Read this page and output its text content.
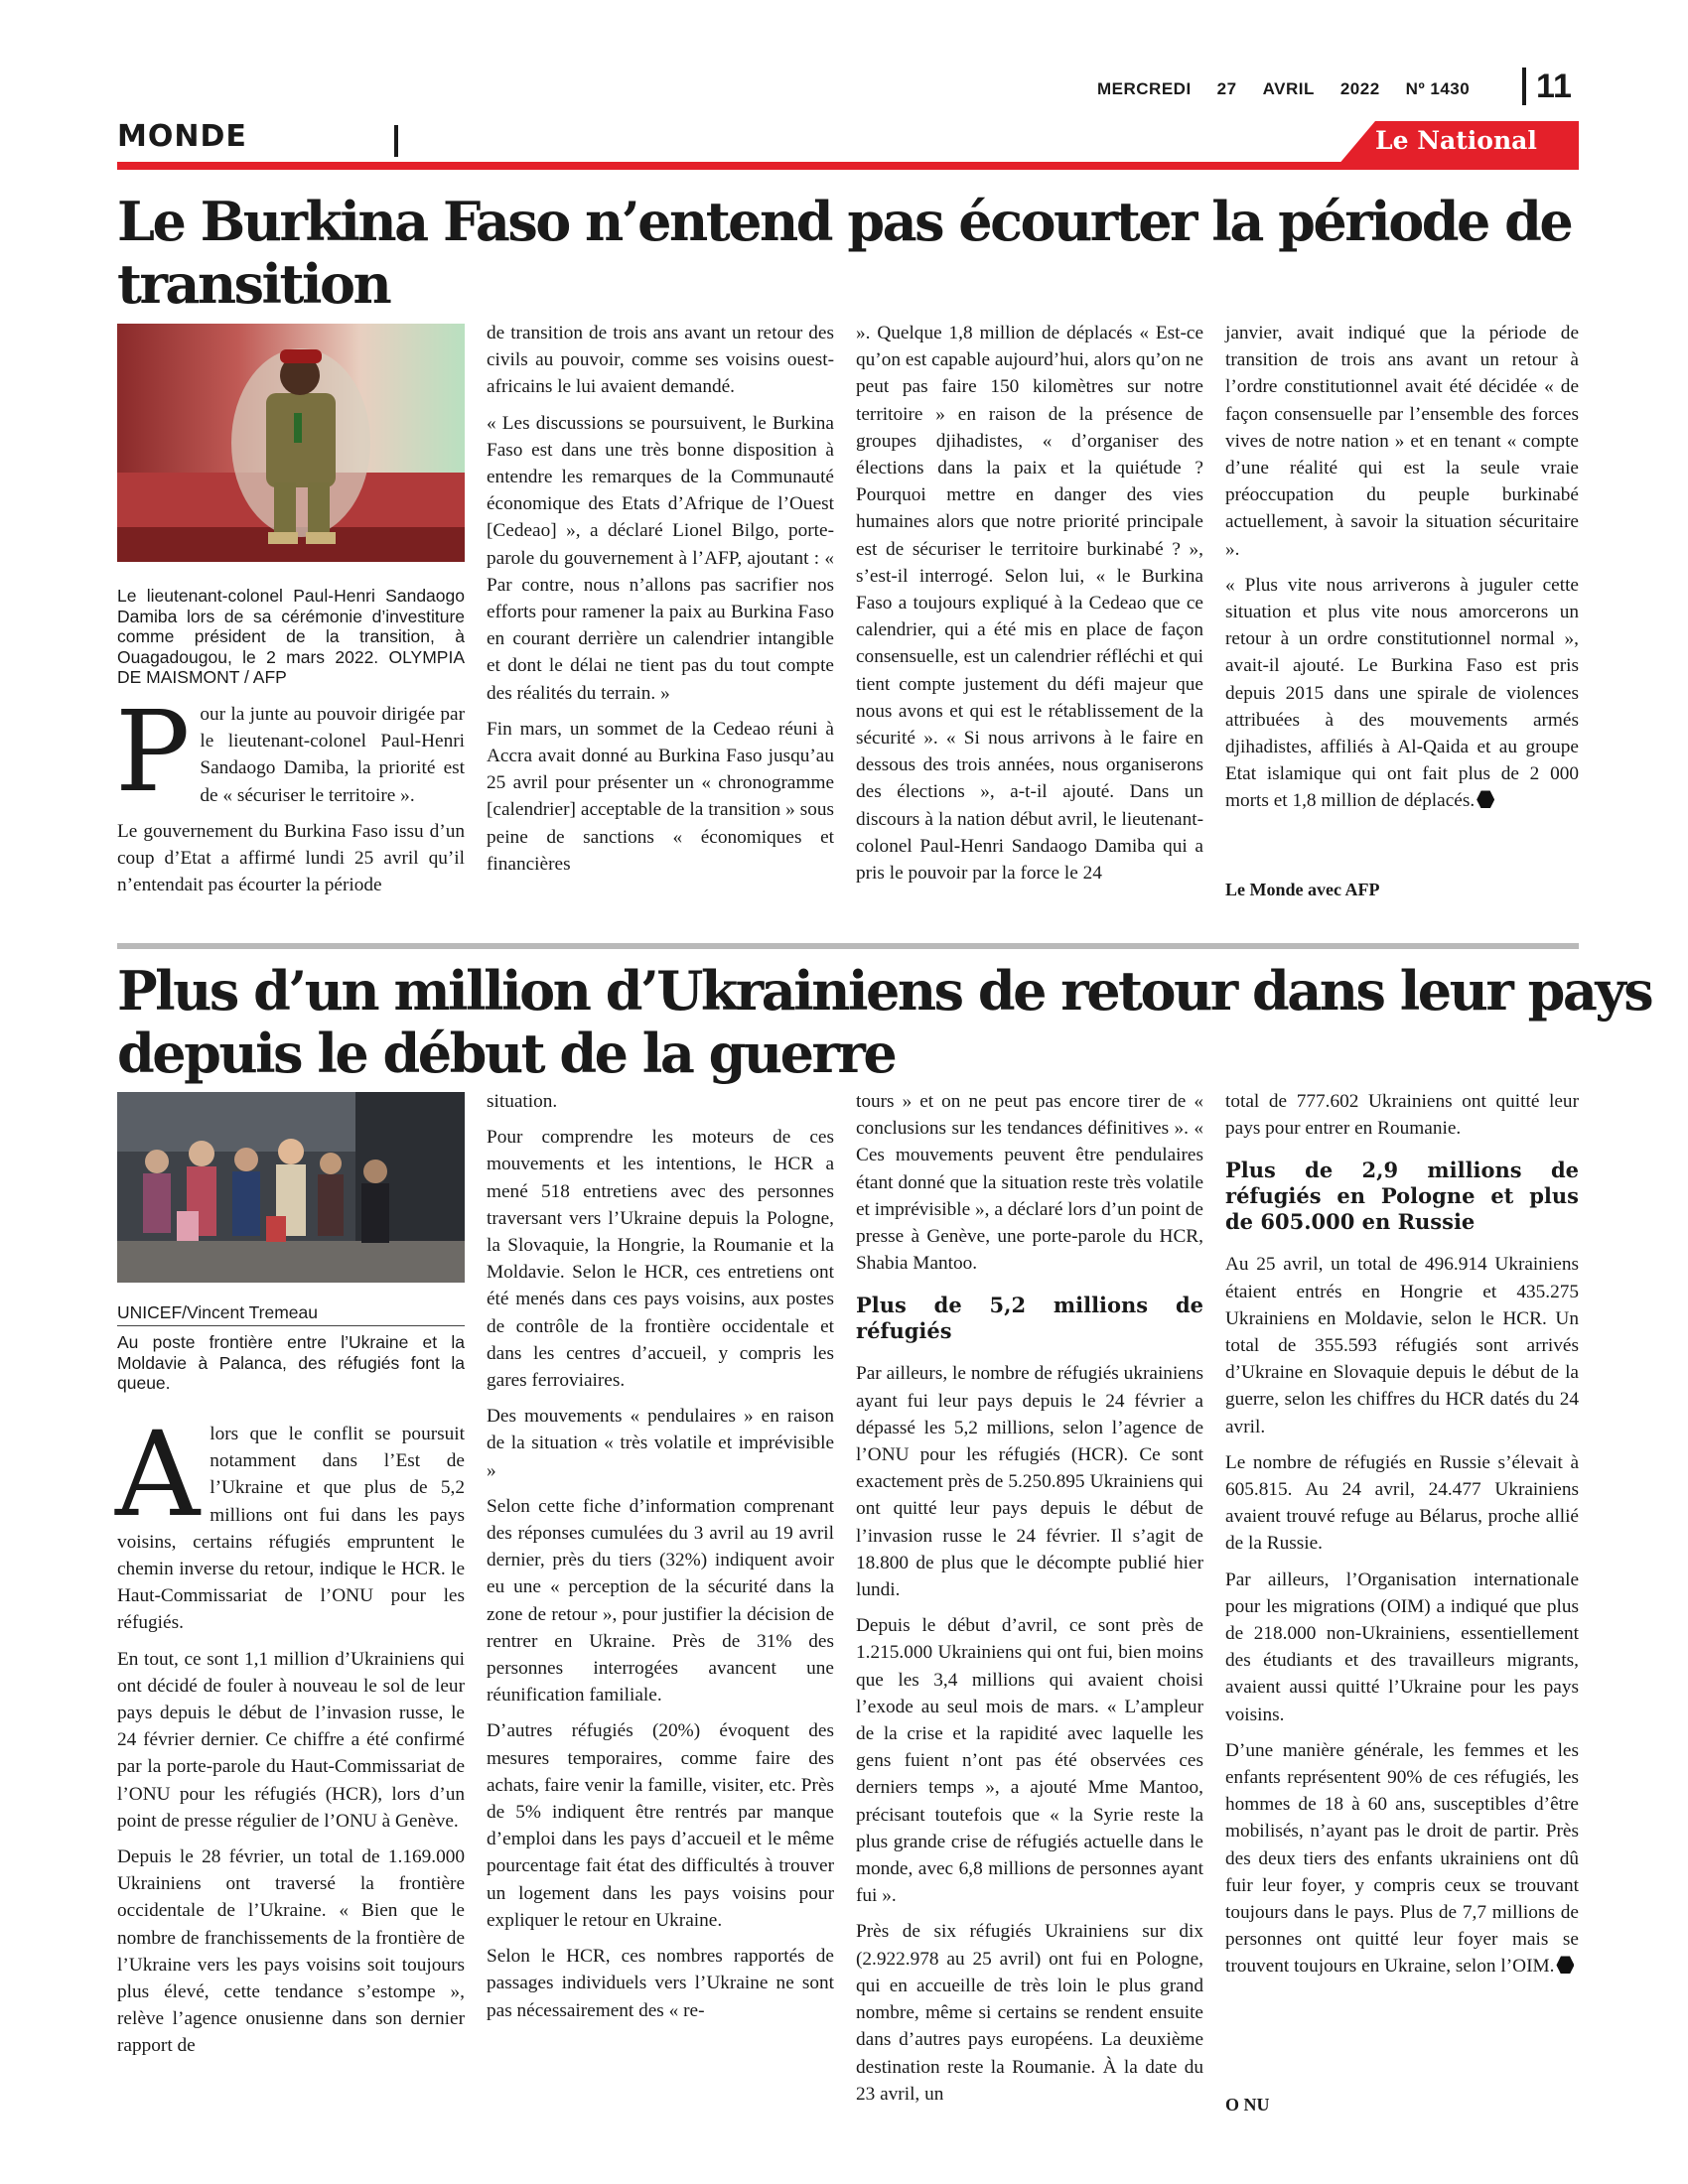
MERCREDI 27 AVRIL 2022 Nº 1430	11
MONDE	Le National
Le Burkina Faso n’entend pas écourter la période de
transition
Le lieutenant-colonel Paul-Henri Sandaogo Damiba lors de sa cérémonie d’investiture comme président de la transition, à Ouagadougou, le 2 mars 2022. OLYMPIA DE MAISMONT / AFP

Pour la junte au pouvoir dirigée par le lieutenant-colonel Paul-Henri Sandaogo Damiba, la priorité est de « sécuriser le territoire ».

Le gouvernement du Burkina Faso issu d’un coup d’Etat a affirmé lundi 25 avril qu’il n’entendait pas écourter la période

de transition de trois ans avant un retour des civils au pouvoir, comme ses voisins ouest-africains le lui avaient demandé.

« Les discussions se poursuivent, le Burkina Faso est dans une très bonne disposition à entendre les remarques de la Communauté économique des Etats d’Afrique de l’Ouest [Cedeao] », a déclaré Lionel Bilgo, porte-parole du gouvernement à l’AFP, ajoutant : « Par contre, nous n’allons pas sacrifier nos efforts pour ramener la paix au Burkina Faso en courant derrière un calendrier intangible et dont le délai ne tient pas du tout compte des réalités du terrain. »

Fin mars, un sommet de la Cedeao réuni à Accra avait donné au Burkina Faso jusqu’au 25 avril pour présenter un « chronogramme [calendrier] acceptable de la transition » sous peine de sanctions « économiques et financières

». Quelque 1,8 million de déplacés « Est-ce qu’on est capable aujourd’hui, alors qu’on ne peut pas faire 150 kilomètres sur notre territoire » en raison de la présence de groupes djihadistes, « d’organiser des élections dans la paix et la quiétude ? Pourquoi mettre en danger des vies humaines alors que notre priorité principale est de sécuriser le territoire burkinabé ? », s’est-il interrogé. Selon lui, « le Burkina Faso a toujours expliqué à la Cedeao que ce calendrier, qui a été mis en place de façon consensuelle, est un calendrier réfléchi et qui tient compte justement du défi majeur que nous avons et qui est le rétablissement de la sécurité ». « Si nous arrivons à le faire en dessous des trois années, nous organiserons des élections », a-t-il ajouté. Dans un discours à la nation début avril, le lieutenant-colonel Paul-Henri Sandaogo Damiba qui a pris le pouvoir par la force le 24

janvier, avait indiqué que la période de transition de trois ans avant un retour à l’ordre constitutionnel avait été décidée « de façon consensuelle par l’ensemble des forces vives de notre nation » et en tenant « compte d’une réalité qui est la seule vraie préoccupation du peuple burkinabé actuellement, à savoir la situation sécuritaire ».

« Plus vite nous arriverons à juguler cette situation et plus vite nous amorcerons un retour à un ordre constitutionnel normal », avait-il ajouté. Le Burkina Faso est pris depuis 2015 dans une spirale de violences attribuées à des mouvements armés djihadistes, affiliés à Al-Qaida et au groupe Etat islamique qui ont fait plus de 2 000 morts et 1,8 million de déplacés.

Le Monde avec AFP
Plus d’un million d’Ukrainiens de retour dans leur pays
depuis le début de la guerre
UNICEF/Vincent Tremeau
Au poste frontière entre l’Ukraine et la Moldavie à Palanca, des réfugiés font la queue.

Alors que le conflit se poursuit notamment dans l’Est de l’Ukraine et que plus de 5,2 millions ont fui dans les pays voisins, certains réfugiés empruntent le chemin inverse du retour, indique le HCR. le Haut-Commissariat de l’ONU pour les réfugiés.

En tout, ce sont 1,1 million d’Ukrainiens qui ont décidé de fouler à nouveau le sol de leur pays depuis le début de l’invasion russe, le 24 février dernier. Ce chiffre a été confirmé par la porte-parole du Haut-Commissariat de l’ONU pour les réfugiés (HCR), lors d’un point de presse régulier de l’ONU à Genève.

Depuis le 28 février, un total de 1.169.000 Ukrainiens ont traversé la frontière occidentale de l’Ukraine. « Bien que le nombre de franchissements de la frontière de l’Ukraine vers les pays voisins soit toujours plus élevé, cette tendance s’estompe », relève l’agence onusienne dans son dernier rapport de

situation.

Pour comprendre les moteurs de ces mouvements et les intentions, le HCR a mené 518 entretiens avec des personnes traversant vers l’Ukraine depuis la Pologne, la Slovaquie, la Hongrie, la Roumanie et la Moldavie. Selon le HCR, ces entretiens ont été menés dans ces pays voisins, aux postes de contrôle de la frontière occidentale et dans les centres d’accueil, y compris les gares ferroviaires.

Des mouvements « pendulaires » en raison de la situation « très volatile et imprévisible »

Selon cette fiche d’information comprenant des réponses cumulées du 3 avril au 19 avril dernier, près du tiers (32%) indiquent avoir eu une « perception de la sécurité dans la zone de retour », pour justifier la décision de rentrer en Ukraine. Près de 31% des personnes interrogées avancent une réunification familiale.

D’autres réfugiés (20%) évoquent des mesures temporaires, comme faire des achats, faire venir la famille, visiter, etc. Près de 5% indiquent être rentrés par manque d’emploi dans les pays d’accueil et le même pourcentage fait état des difficultés à trouver un logement dans les pays voisins pour expliquer le retour en Ukraine.

Selon le HCR, ces nombres rapportés de passages individuels vers l’Ukraine ne sont pas nécessairement des « re-

tours » et on ne peut pas encore tirer de « conclusions sur les tendances définitives ». « Ces mouvements peuvent être pendulaires étant donné que la situation reste très volatile et imprévisible », a déclaré lors d’un point de presse à Genève, une porte-parole du HCR, Shabia Mantoo.

Plus de 5,2 millions de réfugiés

Par ailleurs, le nombre de réfugiés ukrainiens ayant fui leur pays depuis le 24 février a dépassé les 5,2 millions, selon l’agence de l’ONU pour les réfugiés (HCR). Ce sont exactement près de 5.250.895 Ukrainiens qui ont quitté leur pays depuis le début de l’invasion russe le 24 février. Il s’agit de 18.800 de plus que le décompte publié hier lundi.

Depuis le début d’avril, ce sont près de 1.215.000 Ukrainiens qui ont fui, bien moins que les 3,4 millions qui avaient choisi l’exode au seul mois de mars. « L’ampleur de la crise et la rapidité avec laquelle les gens fuient n’ont pas été observées ces derniers temps », a ajouté Mme Mantoo, précisant toutefois que « la Syrie reste la plus grande crise de réfugiés actuelle dans le monde, avec 6,8 millions de personnes ayant fui ».

Près de six réfugiés Ukrainiens sur dix (2.922.978 au 25 avril) ont fui en Pologne, qui en accueille de très loin le plus grand nombre, même si certains se rendent ensuite dans d’autres pays européens. La deuxième destination reste la Roumanie. À la date du 23 avril, un

total de 777.602 Ukrainiens ont quitté leur pays pour entrer en Roumanie.

Plus de 2,9 millions de réfugiés en Pologne et plus de 605.000 en Russie

Au 25 avril, un total de 496.914 Ukrainiens étaient entrés en Hongrie et 435.275 Ukrainiens en Moldavie, selon le HCR. Un total de 355.593 réfugiés sont arrivés d’Ukraine en Slovaquie depuis le début de la guerre, selon les chiffres du HCR datés du 24 avril.

Le nombre de réfugiés en Russie s’élevait à 605.815. Au 24 avril, 24.477 Ukrainiens avaient trouvé refuge au Bélarus, proche allié de la Russie.

Par ailleurs, l’Organisation internationale pour les migrations (OIM) a indiqué que plus de 218.000 non-Ukrainiens, essentiellement des étudiants et des travailleurs migrants, avaient aussi quitté l’Ukraine pour les pays voisins.

D’une manière générale, les femmes et les enfants représentent 90% de ces réfugiés, les hommes de 18 à 60 ans, susceptibles d’être mobilisés, n’ayant pas le droit de partir. Près des deux tiers des enfants ukrainiens ont dû fuir leur foyer, y compris ceux se trouvant toujours dans le pays. Plus de 7,7 millions de personnes ont quitté leur foyer mais se trouvent toujours en Ukraine, selon l’OIM.

O NU
